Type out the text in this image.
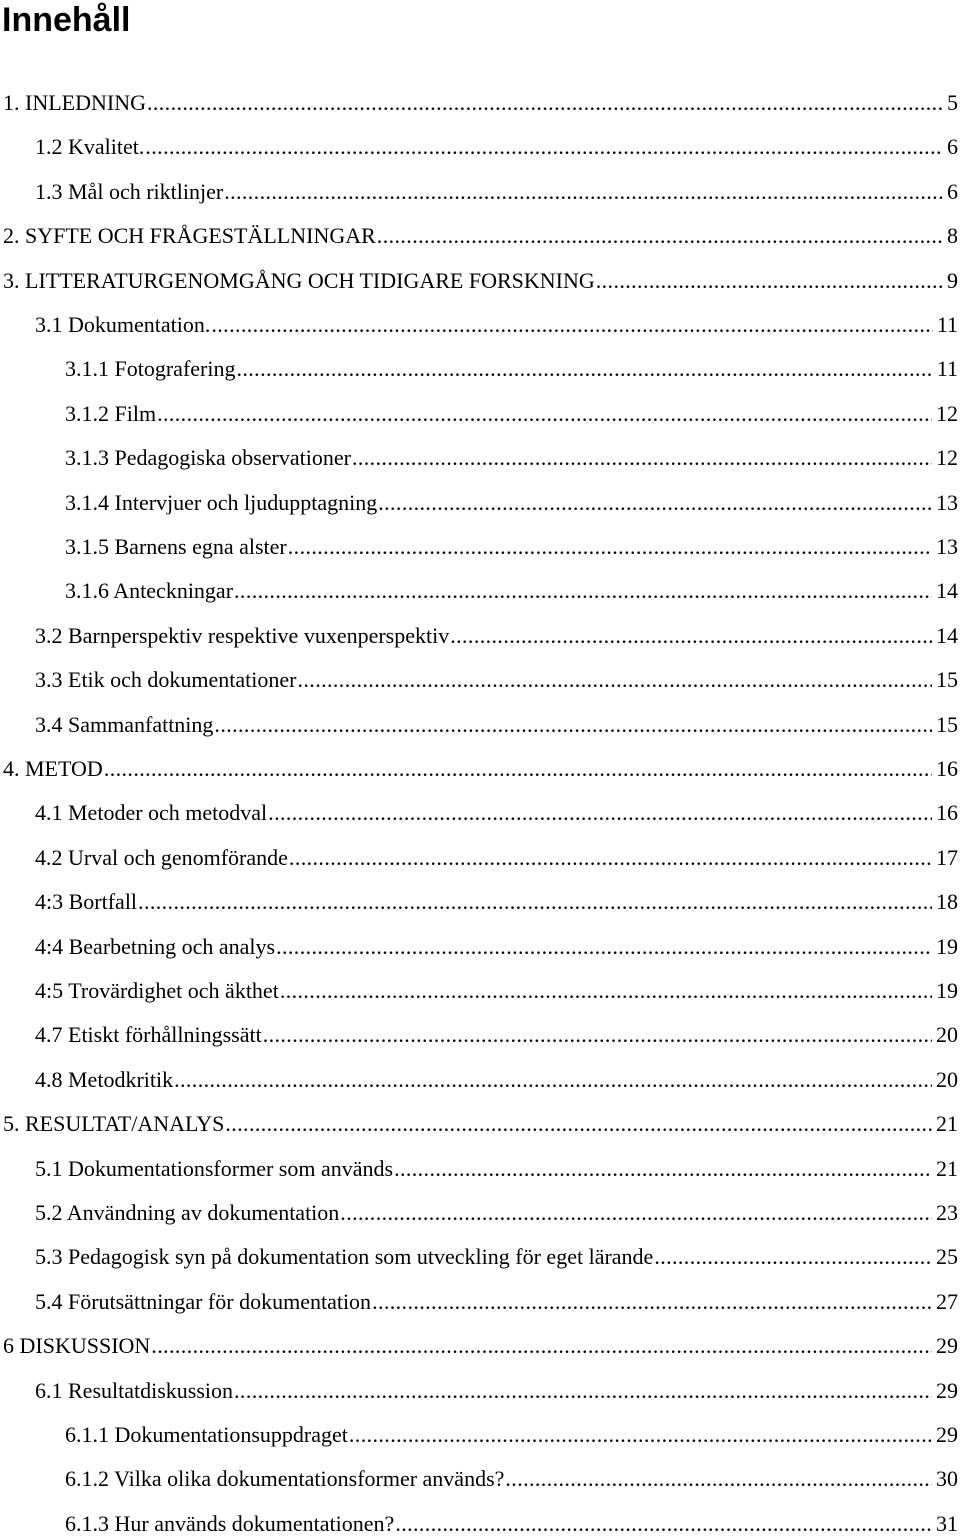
Innehåll
1. INLEDNING .....	5
1.2 Kvalitet. .....	6
1.3 Mål och riktlinjer .....	6
2. SYFTE OCH FRÅGESTÄLLNINGAR .....	8
3. LITTERATURGENOMGÅNG OCH TIDIGARE FORSKNING .....	9
3.1 Dokumentation. .....	11
3.1.1 Fotografering .....	11
3.1.2 Film .....	12
3.1.3 Pedagogiska observationer .....	12
3.1.4 Intervjuer och ljudupptagning .....	13
3.1.5 Barnens egna alster .....	13
3.1.6 Anteckningar .....	14
3.2 Barnperspektiv respektive vuxenperspektiv .....	14
3.3 Etik och dokumentationer .....	15
3.4 Sammanfattning .....	15
4. METOD .....	16
4.1 Metoder och metodval .....	16
4.2 Urval och genomförande .....	17
4:3 Bortfall .....	18
4:4 Bearbetning och analys .....	19
4:5 Trovärdighet och äkthet .....	19
4.7 Etiskt förhållningssätt .....	20
4.8 Metodkritik .....	20
5. RESULTAT/ANALYS .....	21
5.1 Dokumentationsformer som används .....	21
5.2 Användning av dokumentation .....	23
5.3 Pedagogisk syn på dokumentation som utveckling för eget lärande .....	25
5.4 Förutsättningar för dokumentation .....	27
6 DISKUSSION .....	29
6.1 Resultatdiskussion .....	29
6.1.1 Dokumentationsuppdraget .....	29
6.1.2 Vilka olika dokumentationsformer används? .....	30
6.1.3 Hur används dokumentationen? .....	31
